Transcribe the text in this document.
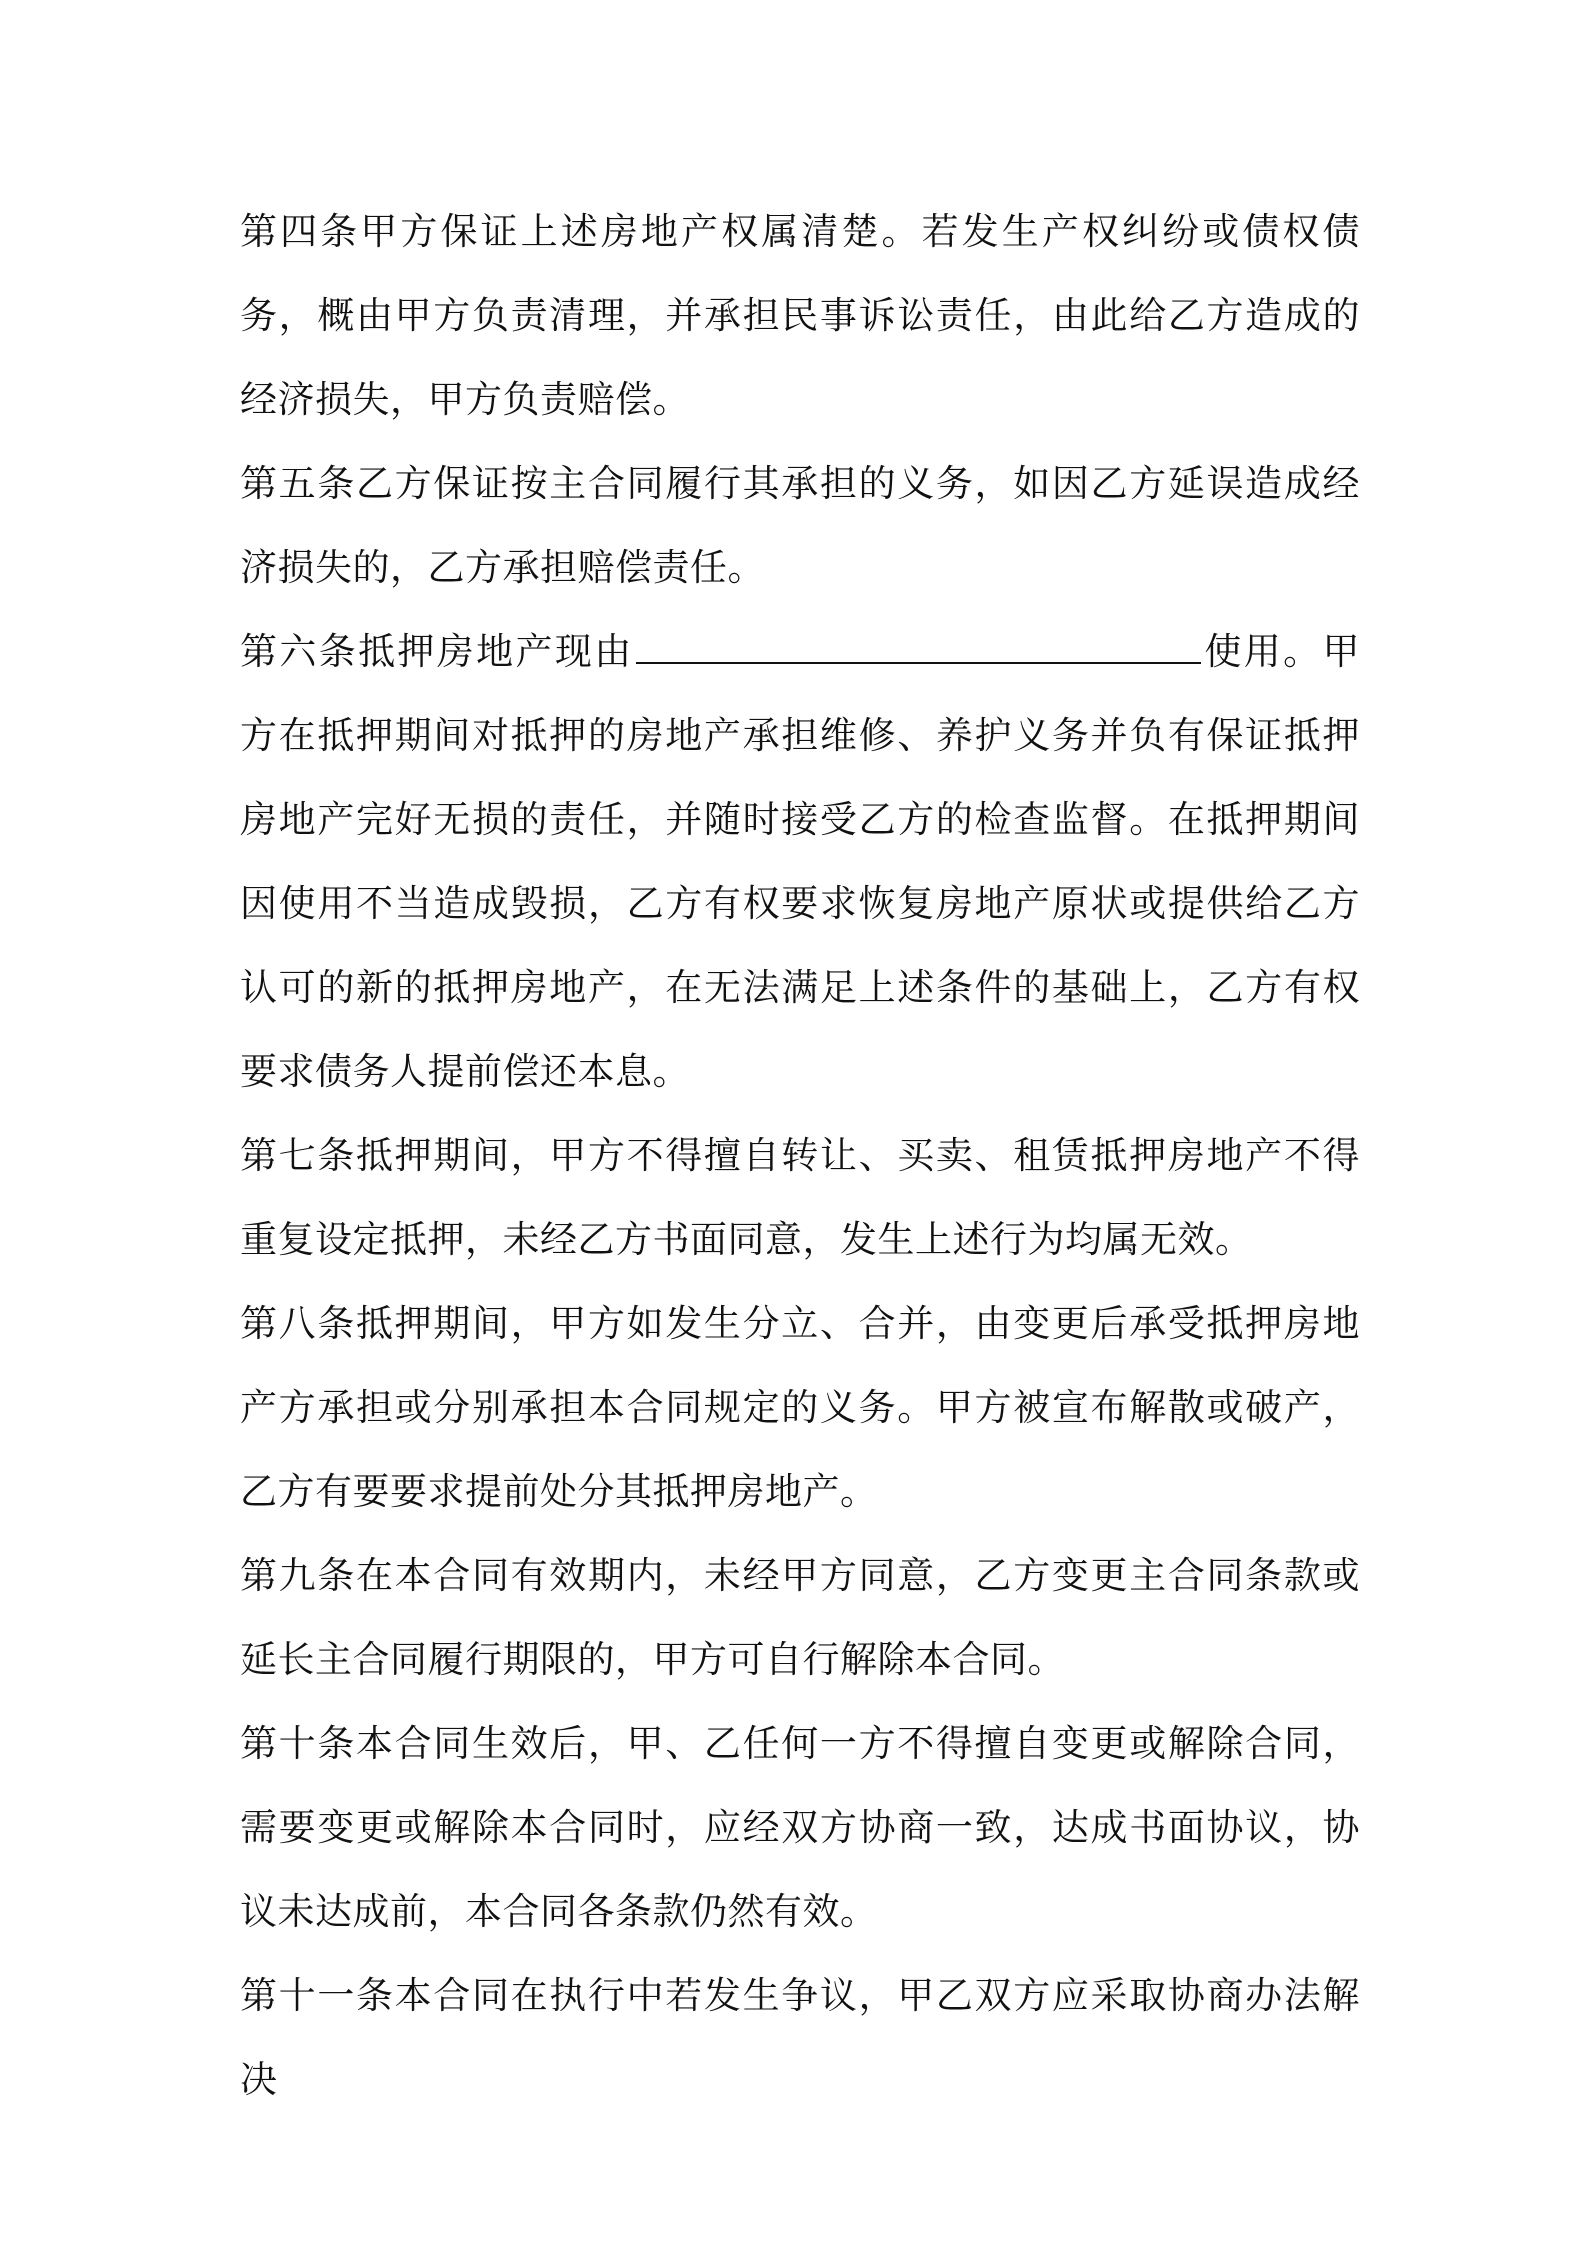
第四条甲方保证上述房地产权属清楚。若发生产权纠纷或债权债务，概由甲方负责清理，并承担民事诉讼责任，由此给乙方造成的经济损失，甲方负责赔偿。

第五条乙方保证按主合同履行其承担的义务，如因乙方延误造成经济损失的，乙方承担赔偿责任。

第六条抵押房地产现由	使用。甲方在抵押期间对抵押的房地产承担维修、养护义务并负有保证抵押房地产完好无损的责任，并随时接受乙方的检查监督。在抵押期间因使用不当造成毁损，乙方有权要求恢复房地产原状或提供给乙方认可的新的抵押房地产，在无法满足上述条件的基础上，乙方有权要求债务人提前偿还本息。

第七条抵押期间，甲方不得擅自转让、买卖、租赁抵押房地产不得重复设定抵押，未经乙方书面同意，发生上述行为均属无效。

第八条抵押期间，甲方如发生分立、合并，由变更后承受抵押房地产方承担或分别承担本合同规定的义务。甲方被宣布解散或破产，乙方有要要求提前处分其抵押房地产。

第九条在本合同有效期内，未经甲方同意，乙方变更主合同条款或延长主合同履行期限的，甲方可自行解除本合同。

第十条本合同生效后，甲、乙任何一方不得擅自变更或解除合同，需要变更或解除本合同时，应经双方协商一致，达成书面协议，协议未达成前，本合同各条款仍然有效。

第十一条本合同在执行中若发生争议，甲乙双方应采取协商办法解决
